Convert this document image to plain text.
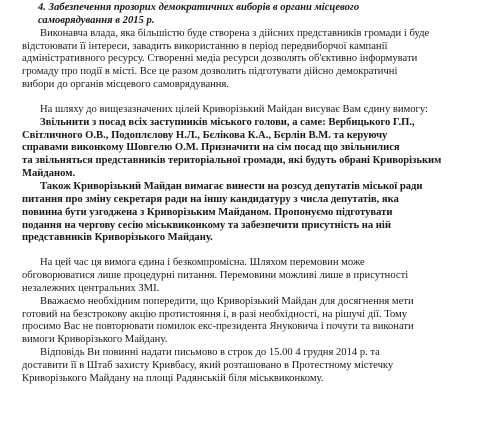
4. Забезпечення прозорих демократичних виборів в органи місцевого
самоврядування в 2015 р.

Виконавча влада, яка більшістю буде створена з дійсних представників громади і буде
відстоювати її інтереси, завадить використанню в період передвиборчої кампанії
адміністративного ресурсу. Створенні медіа ресурси дозволять об'єктивно інформувати
громаду про події в місті. Все це разом дозволить підготувати дійсно демократичні
вибори до органів місцевого самоврядування.

На шляху до вищезазначених цілей Криворізький Майдан висуває Вам єдину вимогу:

Звільнити з посад всіх заступників міського голови, а саме: Вербицького Г.П.,
Світличного О.В., Подоплєлову Н.Л., Бєлікова К.А., Бєрлін В.М. та керуючу
справами виконкому Шовгелю О.М. Призначити на сім посад що звільнилися
та звільняться представників територіальної громади, які будуть обрані Криворізьким
Майданом.

Також Криворізький Майдан вимагає винести на розсуд депутатів міської ради
питання про зміну секретаря ради на іншу кандидатуру з числа депутатів, яка
повинна бути узгоджена з Криворізьким Майданом. Пропонуємо підготувати
подання на чергову сесію міськвиконкому та забезпечити присутність на ній
представників Криворізького Майдану.

На цей час ця вимога єдина і безкомпромісна. Шляхом перемовин може
обговорюватися лише процедурні питання. Перемовини можливі лише в присутності
незалежних центральних ЗМІ.

Вважаємо необхідним попередити, що Криворізький Майдан для досягнення мети
готовий на безстрокову акцію протистояння і, в разі необхідності, на рішучі дії. Тому
просимо Вас не повторювати помилок екс-президента Януковича і почути та виконати
вимоги Криворізького Майдану.

Відповідь Ви повинні надати письмово в строк до 15.00 4 грудня 2014 р. та
доставити її в Штаб захисту Кривбасу, який розташовано в Протестному містечку
Криворізького Майдану на площі Радянській біля міськвиконкому.
